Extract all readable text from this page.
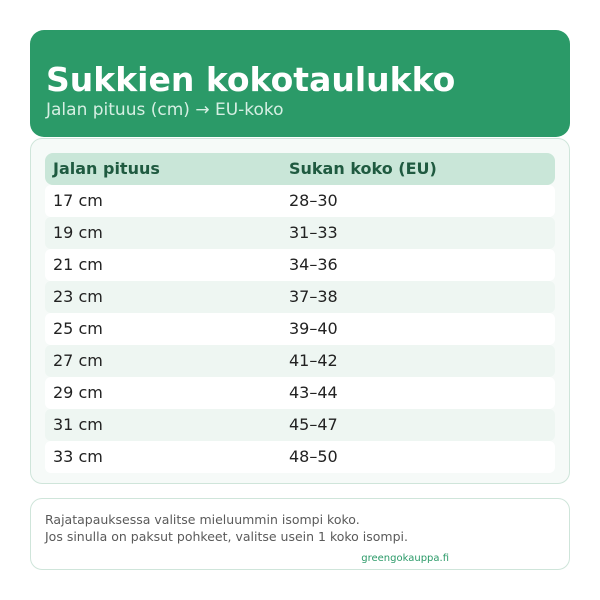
Sukkien kokotaulukko
Jalan pituus (cm) → EU-koko
Jalan pituus	Sukan koko (EU)
17 cm	28–30
19 cm	31–33
21 cm	34–36
23 cm	37–38
25 cm	39–40
27 cm	41–42
29 cm	43–44
31 cm	45–47
33 cm	48–50
Rajatapauksessa valitse mieluummin isompi koko.
Jos sinulla on paksut pohkeet, valitse usein 1 koko isompi.
greengokauppa.fi
